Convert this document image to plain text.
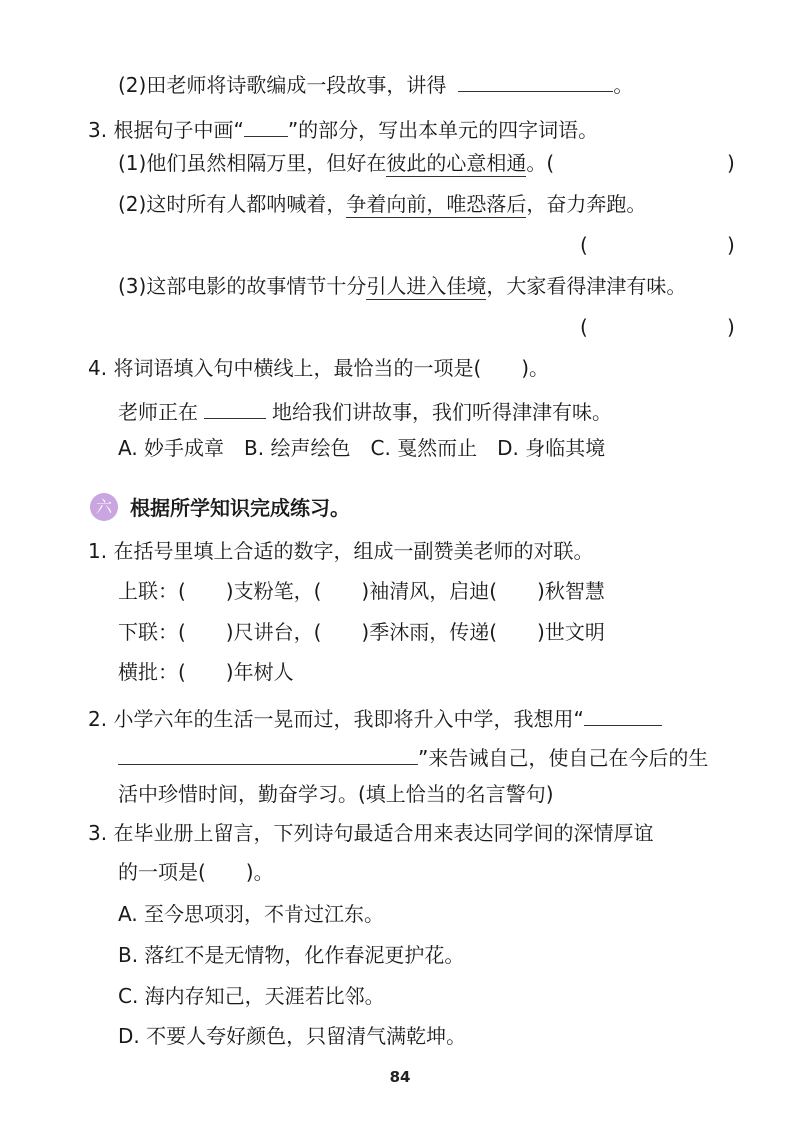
(2)田老师将诗歌编成一段故事，讲得	。
3. 根据句子中画“ ”的部分，写出本单元的四字词语。
(1)他们虽然相隔万里，但好在彼此的心意相通。(	)
(2)这时所有人都呐喊着，争着向前，唯恐落后，奋力奔跑。
(	)
(3)这部电影的故事情节十分引人进入佳境，大家看得津津有味。
(	)
4. 将词语填入句中横线上，最恰当的一项是(　　)。
老师正在	地给我们讲故事，我们听得津津有味。
A. 妙手成章　B. 绘声绘色　C. 戛然而止　D. 身临其境
六 根据所学知识完成练习。
1. 在括号里填上合适的数字，组成一副赞美老师的对联。
上联：(　　)支粉笔，(　　)袖清风，启迪(　　)秋智慧
下联：(　　)尺讲台，(　　)季沐雨，传递(　　)世文明
横批：(　　)年树人
2. 小学六年的生活一晃而过，我即将升入中学，我想用“
”来告诫自己，使自己在今后的生
活中珍惜时间，勤奋学习。(填上恰当的名言警句)
3. 在毕业册上留言，下列诗句最适合用来表达同学间的深情厚谊
的一项是(　　)。
A. 至今思项羽，不肯过江东。
B. 落红不是无情物，化作春泥更护花。
C. 海内存知己，天涯若比邻。
D. 不要人夸好颜色，只留清气满乾坤。
84
